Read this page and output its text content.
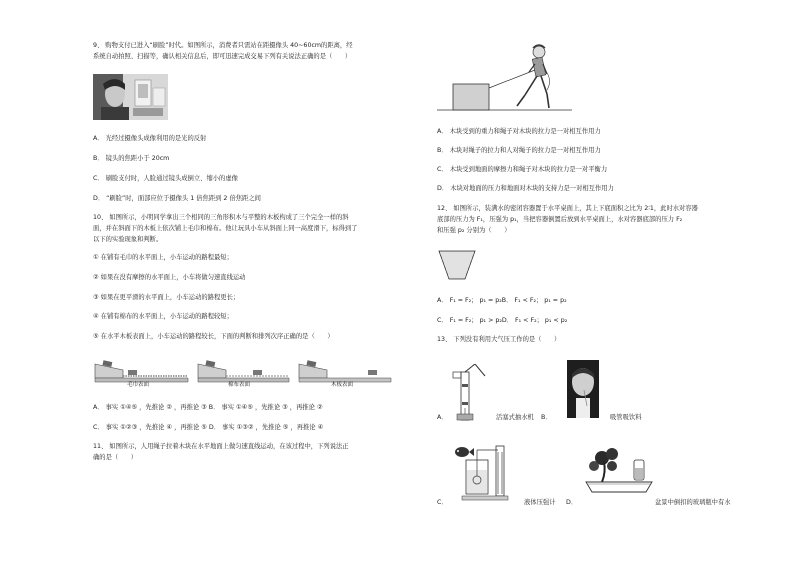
9、 购物支付已进入“刷脸”时代。如图所示，消费者只需站在距摄像头 40~60cm的距离，经
系统自动拍照、扫描等，确认相关信息后，即可迅速完成交易下列有关说法正确的是（　　）
A． 光经过摄像头成像利用的是光的反射
B． 镜头的焦距小于 20cm
C． 刷脸支付时，人脸通过镜头成倒立、缩小的虚像
D． “刷脸”时，面部应位于摄像头 1 倍焦距到 2 倍焦距之间
10、 如图所示，小明同学拿出三个相同的三角形积木与平整的木板构成了三个完全一样的斜
面，并在斜面下的木板上依次铺上毛巾和棉布。他让玩具小车从斜面上同一高度滑下，标得到了
以下的实验现象和判断。
① 在铺有毛巾的水平面上，小车运动的路程最短；
② 如果在没有摩擦的水平面上，小车将做匀速直线运动
③ 如果在更平滑的水平面上，小车运动的路程更长；
④ 在铺有棉布的水平面上，小车运动的路程较短；
⑤ 在水平木板表面上，小车运动的路程较长，下面的判断和排列次序正确的是（　　）
毛巾表面	棉布表面	木板表面
A． 事实 ①④⑤ ，先推论 ② ，再推论 ③ B． 事实 ①④⑤ ，先推论 ③ ，再推论 ②
C． 事实 ①②③ ，先推论 ④ ，再推论 ⑤ D． 事实 ①③② ，先推论 ⑤ ，再推论 ④
11、 如图所示，人用绳子拉着木块在水平地面上做匀速直线运动，在该过程中，下列说法正
确的是（　　）
A． 木块受到的重力和绳子对木块的拉力是一对相互作用力
B． 木块对绳子的拉力和人对绳子的拉力是一对相互作用力
C． 木块受到地面的摩擦力和绳子对木块的拉力是一对平衡力
D． 木块对地面的压力和地面对木块的支持力是一对相互作用力
12、 如图所示，装满水的密闭容器置于水平桌面上，其上下底面积之比为 2∶1，此时水对容器
底部的压力为 F₁，压强为 p₁，当把容器倒置后放到水平桌面上，水对容器底部的压力 F₂
和压强 p₂ 分别为（　　）
A． F₁ = F₂； p₁ = p₂B． F₁ < F₂； p₁ = p₂
C． F₁ = F₂； p₁ > p₂D． F₁ < F₂； p₁ < p₂
13、 下列没有利用大气压工作的是（　　）
A．	活塞式抽水机 B．	吸管吸饮料
C．	液体压强计 D．	盆景中倒扣的玻璃瓶中有水
